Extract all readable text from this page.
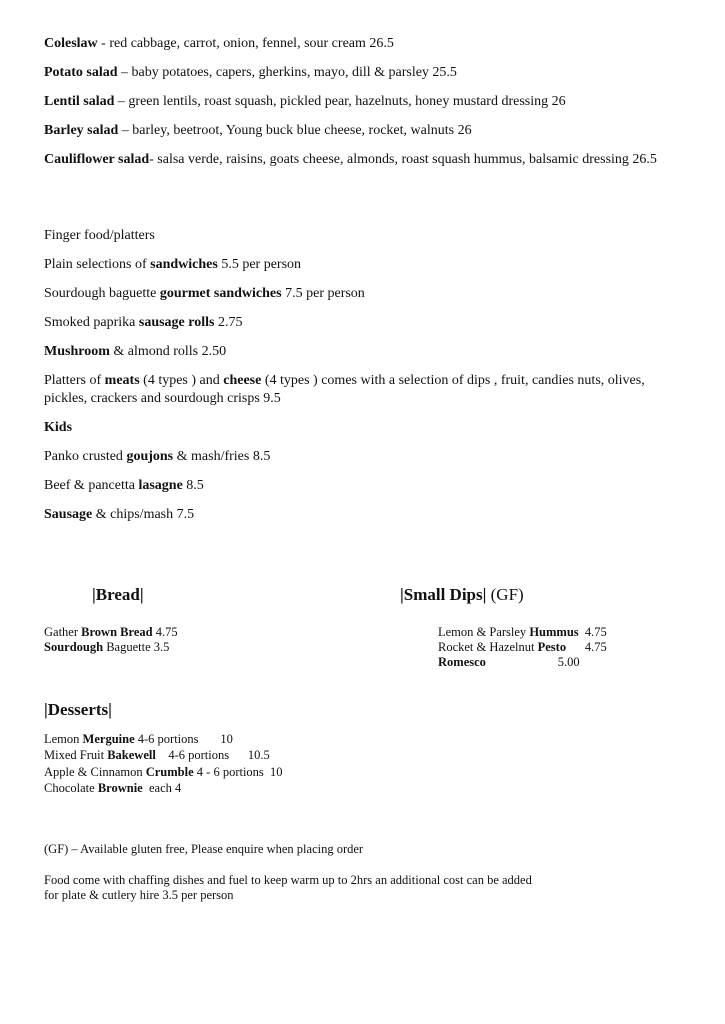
Coleslaw - red cabbage, carrot, onion, fennel, sour cream 26.5
Potato salad – baby potatoes, capers, gherkins, mayo, dill & parsley 25.5
Lentil salad – green lentils, roast squash, pickled pear, hazelnuts, honey mustard dressing 26
Barley salad – barley, beetroot, Young buck blue cheese, rocket, walnuts 26
Cauliflower salad- salsa verde, raisins, goats cheese, almonds, roast squash hummus, balsamic dressing 26.5
Finger food/platters
Plain selections of sandwiches 5.5 per person
Sourdough baguette gourmet sandwiches 7.5 per person
Smoked paprika sausage rolls 2.75
Mushroom & almond rolls 2.50
Platters of meats (4 types ) and cheese (4 types ) comes with a selection of dips , fruit, candies nuts, olives, pickles, crackers and sourdough crisps 9.5
Kids
Panko crusted goujons & mash/fries 8.5
Beef & pancetta lasagne 8.5
Sausage & chips/mash 7.5
|Bread|
Gather Brown Bread 4.75
Sourdough Baguette 3.5
|Small Dips| (GF)
Lemon & Parsley Hummus  4.75
Rocket & Hazelnut Pesto      4.75
Romesco                       5.00
|Desserts|
Lemon Merguine 4-6 portions       10
Mixed Fruit Bakewell    4-6 portions      10.5
Apple & Cinnamon Crumble 4 - 6 portions  10
Chocolate Brownie  each 4
(GF) – Available gluten free, Please enquire when placing order
Food come with chaffing dishes and fuel to keep warm up to 2hrs an additional cost can be added
for plate & cutlery hire 3.5 per person
